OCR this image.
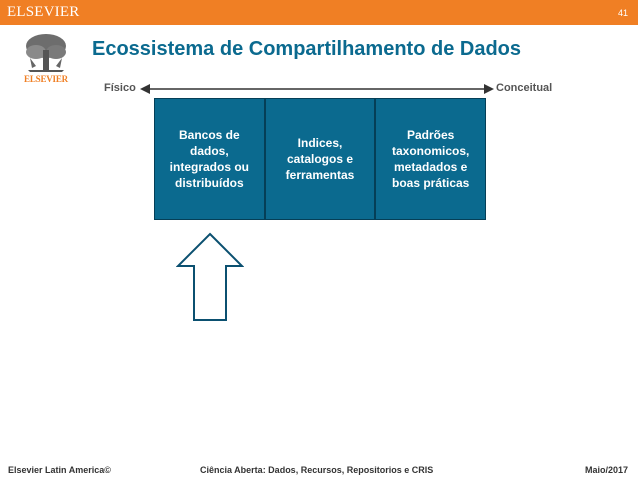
ELSEVIER	41
ELSEVIER
Ecossistema de Compartilhamento de Dados
Físico	Conceitual
Bancos de
dados,
integrados ou
distribuídos
Indices,
catalogos e
ferramentas
Padrões
taxonomicos,
metadados e
boas práticas
Elsevier Latin America©	Ciência Aberta: Dados, Recursos, Repositorios e CRIS	Maio/2017
